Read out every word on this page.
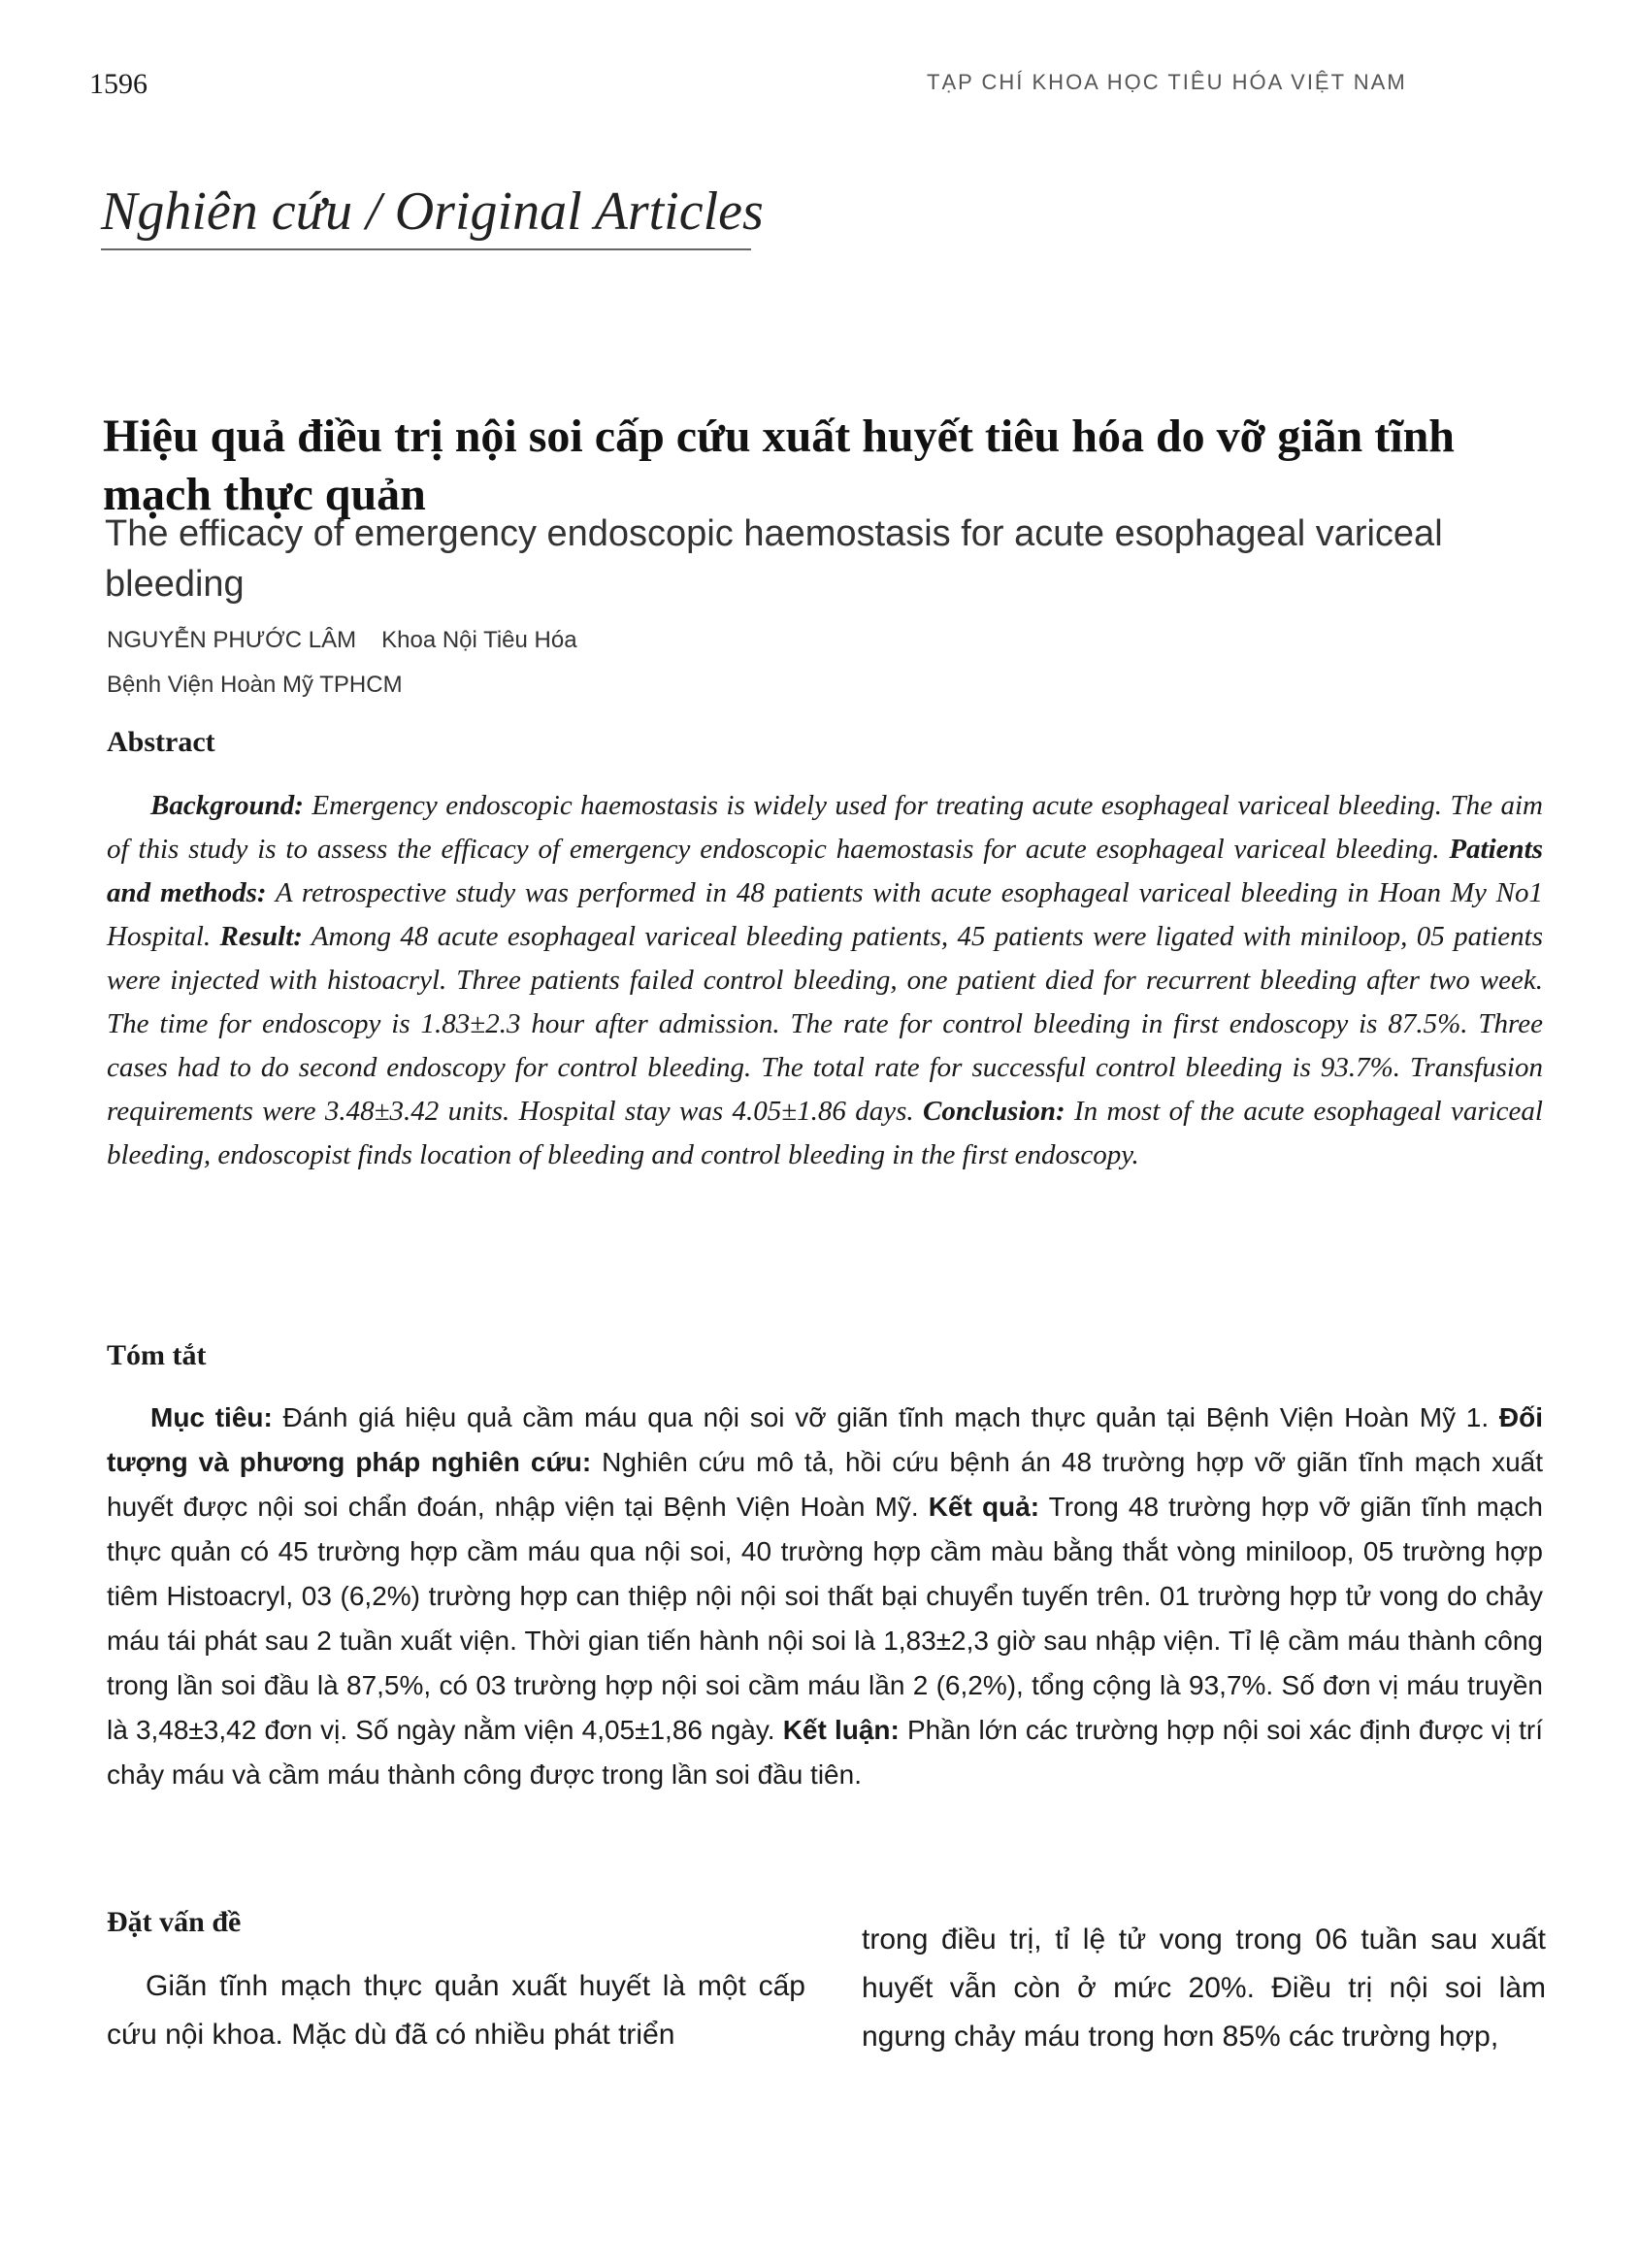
1596	TẠP CHÍ KHOA HỌC TIÊU HÓA VIỆT NAM
Nghiên cứu / Original Articles
Hiệu quả điều trị nội soi cấp cứu xuất huyết tiêu hóa do vỡ giãn tĩnh mạch thực quản
The efficacy of emergency endoscopic haemostasis for acute esophageal variceal bleeding
NGUYỄN PHƯỚC LÂM Khoa Nội Tiêu Hóa
Bệnh Viện Hoàn Mỹ TPHCM
Abstract

Background: Emergency endoscopic haemostasis is widely used for treating acute esophageal variceal bleeding. The aim of this study is to assess the efficacy of emergency endoscopic haemostasis for acute esophageal variceal bleeding. Patients and methods: A retrospective study was performed in 48 patients with acute esophageal variceal bleeding in Hoan My No1 Hospital. Result: Among 48 acute esophageal variceal bleeding patients, 45 patients were ligated with miniloop, 05 patients were injected with histoacryl. Three patients failed control bleeding, one patient died for recurrent bleeding after two week. The time for endoscopy is 1.83±2.3 hour after admission. The rate for control bleeding in first endoscopy is 87.5%. Three cases had to do second endoscopy for control bleeding. The total rate for successful control bleeding is 93.7%. Transfusion requirements were 3.48±3.42 units. Hospital stay was 4.05±1.86 days. Conclusion: In most of the acute esophageal variceal bleeding, endoscopist finds location of bleeding and control bleeding in the first endoscopy.

Tóm tắt

Mục tiêu: Đánh giá hiệu quả cầm máu qua nội soi vỡ giãn tĩnh mạch thực quản tại Bệnh Viện Hoàn Mỹ 1. Đối tượng và phương pháp nghiên cứu: Nghiên cứu mô tả, hồi cứu bệnh án 48 trường hợp vỡ giãn tĩnh mạch xuất huyết được nội soi chẩn đoán, nhập viện tại Bệnh Viện Hoàn Mỹ. Kết quả: Trong 48 trường hợp vỡ giãn tĩnh mạch thực quản có 45 trường hợp cầm máu qua nội soi, 40 trường hợp cầm màu bằng thắt vòng miniloop, 05 trường hợp tiêm Histoacryl, 03 (6,2%) trường hợp can thiệp nội nội soi thất bại chuyển tuyến trên. 01 trường hợp tử vong do chảy máu tái phát sau 2 tuần xuất viện. Thời gian tiến hành nội soi là 1,83±2,3 giờ sau nhập viện. Tỉ lệ cầm máu thành công trong lần soi đầu là 87,5%, có 03 trường hợp nội soi cầm máu lần 2 (6,2%), tổng cộng là 93,7%. Số đơn vị máu truyền là 3,48±3,42 đơn vị. Số ngày nằm viện 4,05±1,86 ngày. Kết luận: Phần lớn các trường hợp nội soi xác định được vị trí chảy máu và cầm máu thành công được trong lần soi đầu tiên.

Đặt vấn đề

Giãn tĩnh mạch thực quản xuất huyết là một cấp cứu nội khoa. Mặc dù đã có nhiều phát triển

trong điều trị, tỉ lệ tử vong trong 06 tuần sau xuất huyết vẫn còn ở mức 20%. Điều trị nội soi làm ngưng chảy máu trong hơn 85% các trường hợp,
